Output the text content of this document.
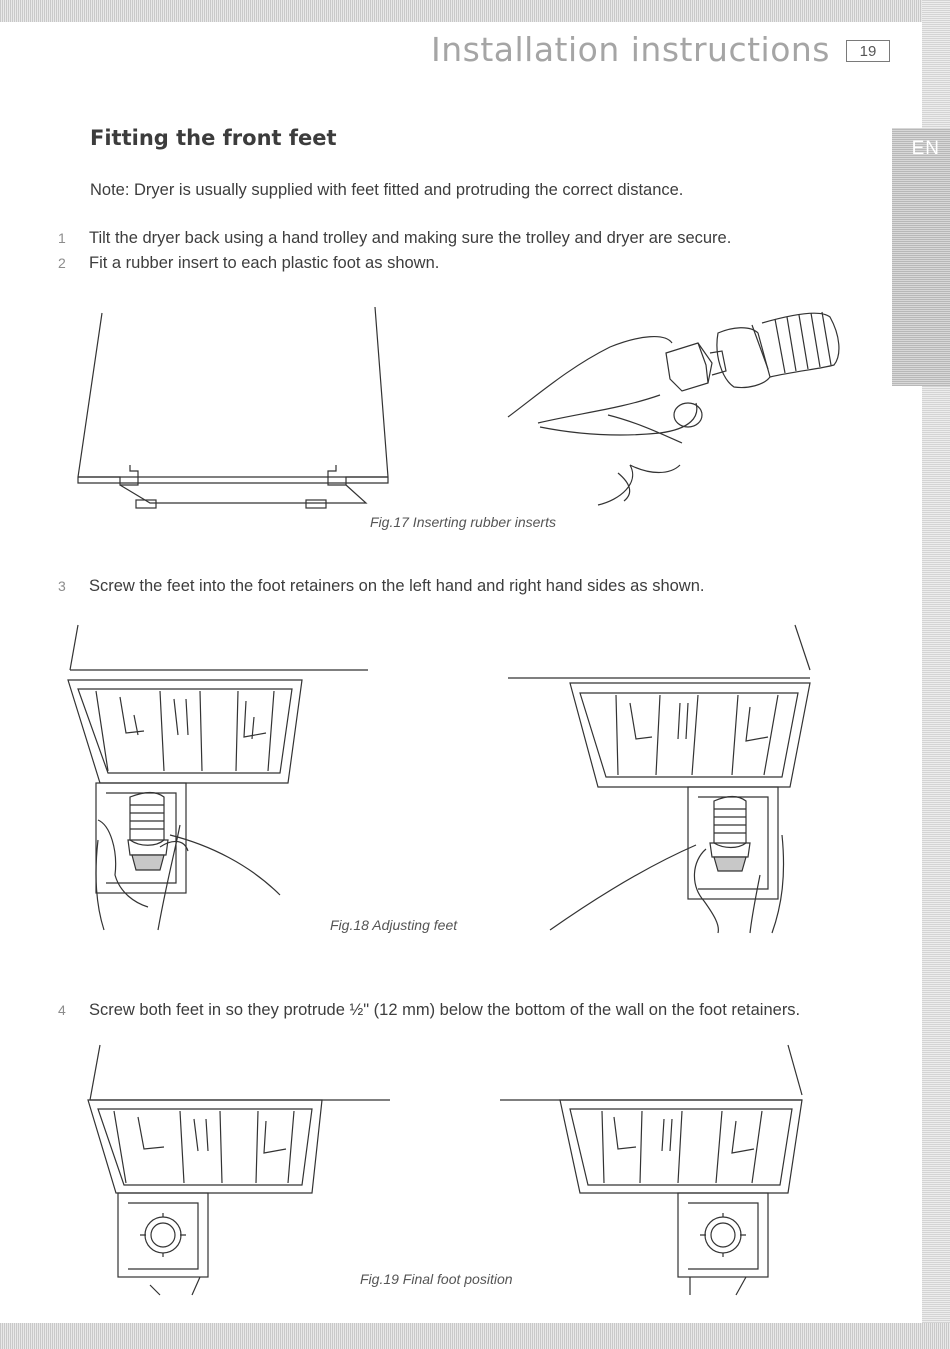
EN
Installation instructions	19
Fitting the front feet
Note: Dryer is usually supplied with feet fitted and protruding the correct distance.
1 Tilt the dryer back using a hand trolley and making sure the trolley and dryer are secure.
2 Fit a rubber insert to each plastic foot as shown.
Fig.17 Inserting rubber inserts
3 Screw the feet into the foot retainers on the left hand and right hand sides as shown.
Fig.18 Adjusting feet
4 Screw both feet in so they protrude ½" (12 mm) below the bottom of the wall on the foot retainers.
Fig.19 Final foot position
